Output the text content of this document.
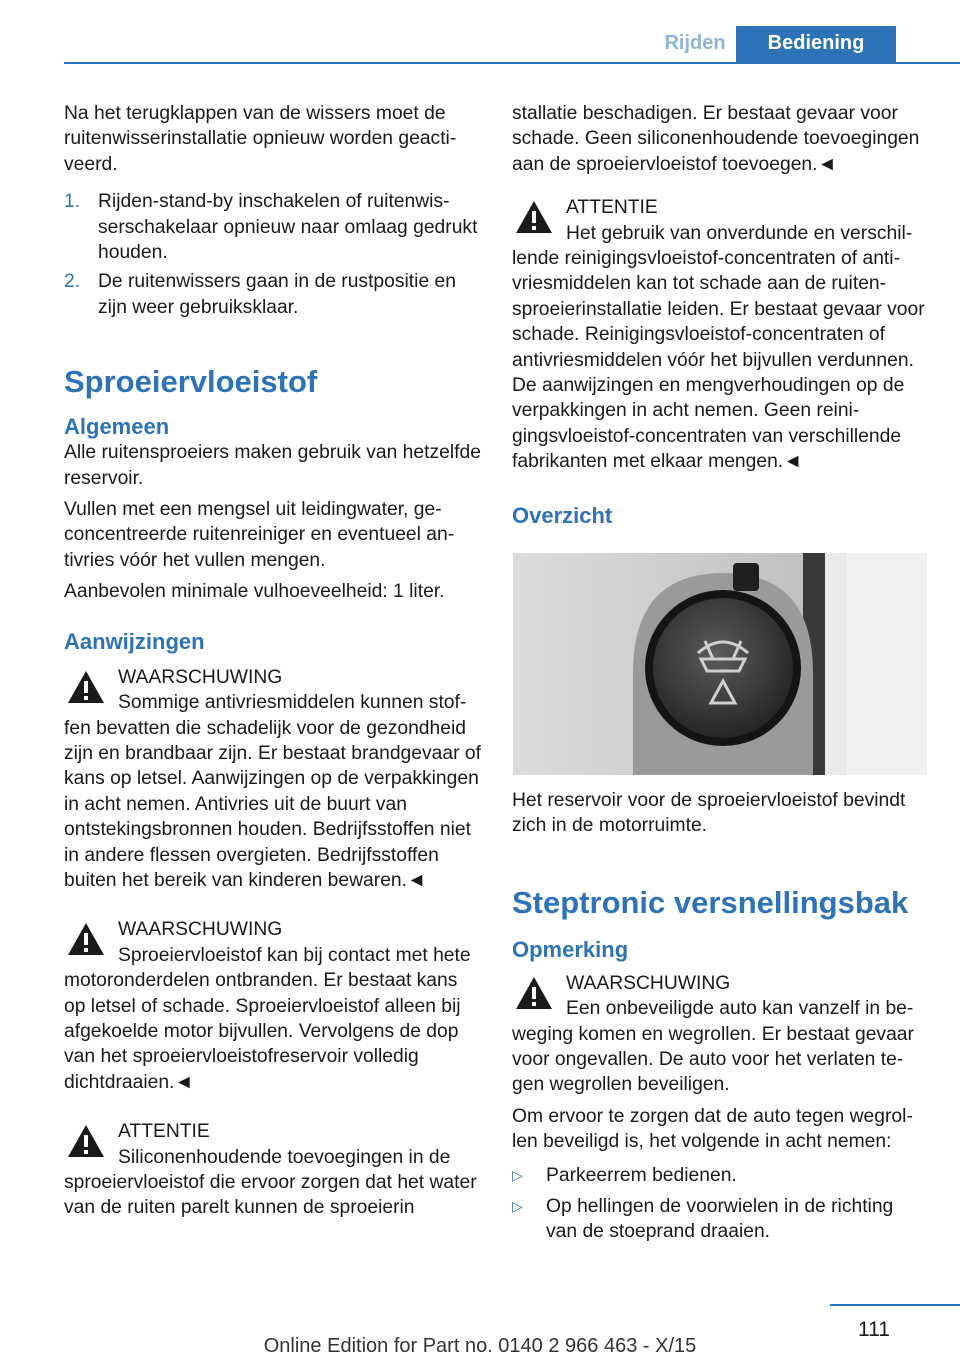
Rijden	Bediening

Na het terugklappen van de wissers moet de ruitenwisserinstallatie opnieuw worden geactiveerd.

1. Rijden-stand-by inschakelen of ruitenwisserschakelaar opnieuw naar omlaag gedrukt houden.

2. De ruitenwissers gaan in de rustpositie en zijn weer gebruiksklaar.

Sproeiervloeistof
Algemeen

Alle ruitensproeiers maken gebruik van hetzelfde reservoir.

Vullen met een mengsel uit leidingwater, geconcentreerde ruitenreiniger en eventueel antivries vóór het vullen mengen.

Aanbevolen minimale vulhoeveelheid: 1 liter.

Aanwijzingen

WAARSCHUWING

Sommige antivriesmiddelen kunnen stoffen bevatten die schadelijk voor de gezondheid zijn en brandbaar zijn. Er bestaat brandgevaar of kans op letsel. Aanwijzingen op de verpakkingen in acht nemen. Antivries uit de buurt van ontstekingsbronnen houden. Bedrijfsstoffen niet in andere flessen overgieten. Bedrijfsstoffen buiten het bereik van kinderen bewaren.◄

WAARSCHUWING

Sproeiervloeistof kan bij contact met hete motoronderdelen ontbranden. Er bestaat kans op letsel of schade. Sproeiervloeistof alleen bij afgekoelde motor bijvullen. Vervolgens de dop van het sproeiervloeistofreservoir volledig dichtdraaien.◄

ATTENTIE

Siliconenhoudende toevoegingen in de sproeiervloeistof die ervoor zorgen dat het water van de ruiten parelt kunnen de sproeierin

stallatie beschadigen. Er bestaat gevaar voor schade. Geen siliconenhoudende toevoegingen aan de sproeiervloeistof toevoegen.◄

ATTENTIE

Het gebruik van onverdunde en verschillende reinigingsvloeistof-concentraten of antivriesmiddelen kan tot schade aan de ruitensproeierinstallatie leiden. Er bestaat gevaar voor schade. Reinigingsvloeistof-concentraten of antivriesmiddelen vóór het bijvullen verdunnen. De aanwijzingen en mengverhoudingen op de verpakkingen in acht nemen. Geen reinigingsvloeistof-concentraten van verschillende fabrikanten met elkaar mengen.◄

Overzicht

Het reservoir voor de sproeiervloeistof bevindt zich in de motorruimte.

Steptronic versnellingsbak
Opmerking

WAARSCHUWING

Een onbeveiligde auto kan vanzelf in beweging komen en wegrollen. Er bestaat gevaar voor ongevallen. De auto voor het verlaten tegen wegrollen beveiligen.

Om ervoor te zorgen dat de auto tegen wegrollen beveiligd is, het volgende in acht nemen:

▷ Parkeerrem bedienen.

▷ Op hellingen de voorwielen in de richting van de stoeprand draaien.

111
Online Edition for Part no. 0140 2 966 463 - X/15
